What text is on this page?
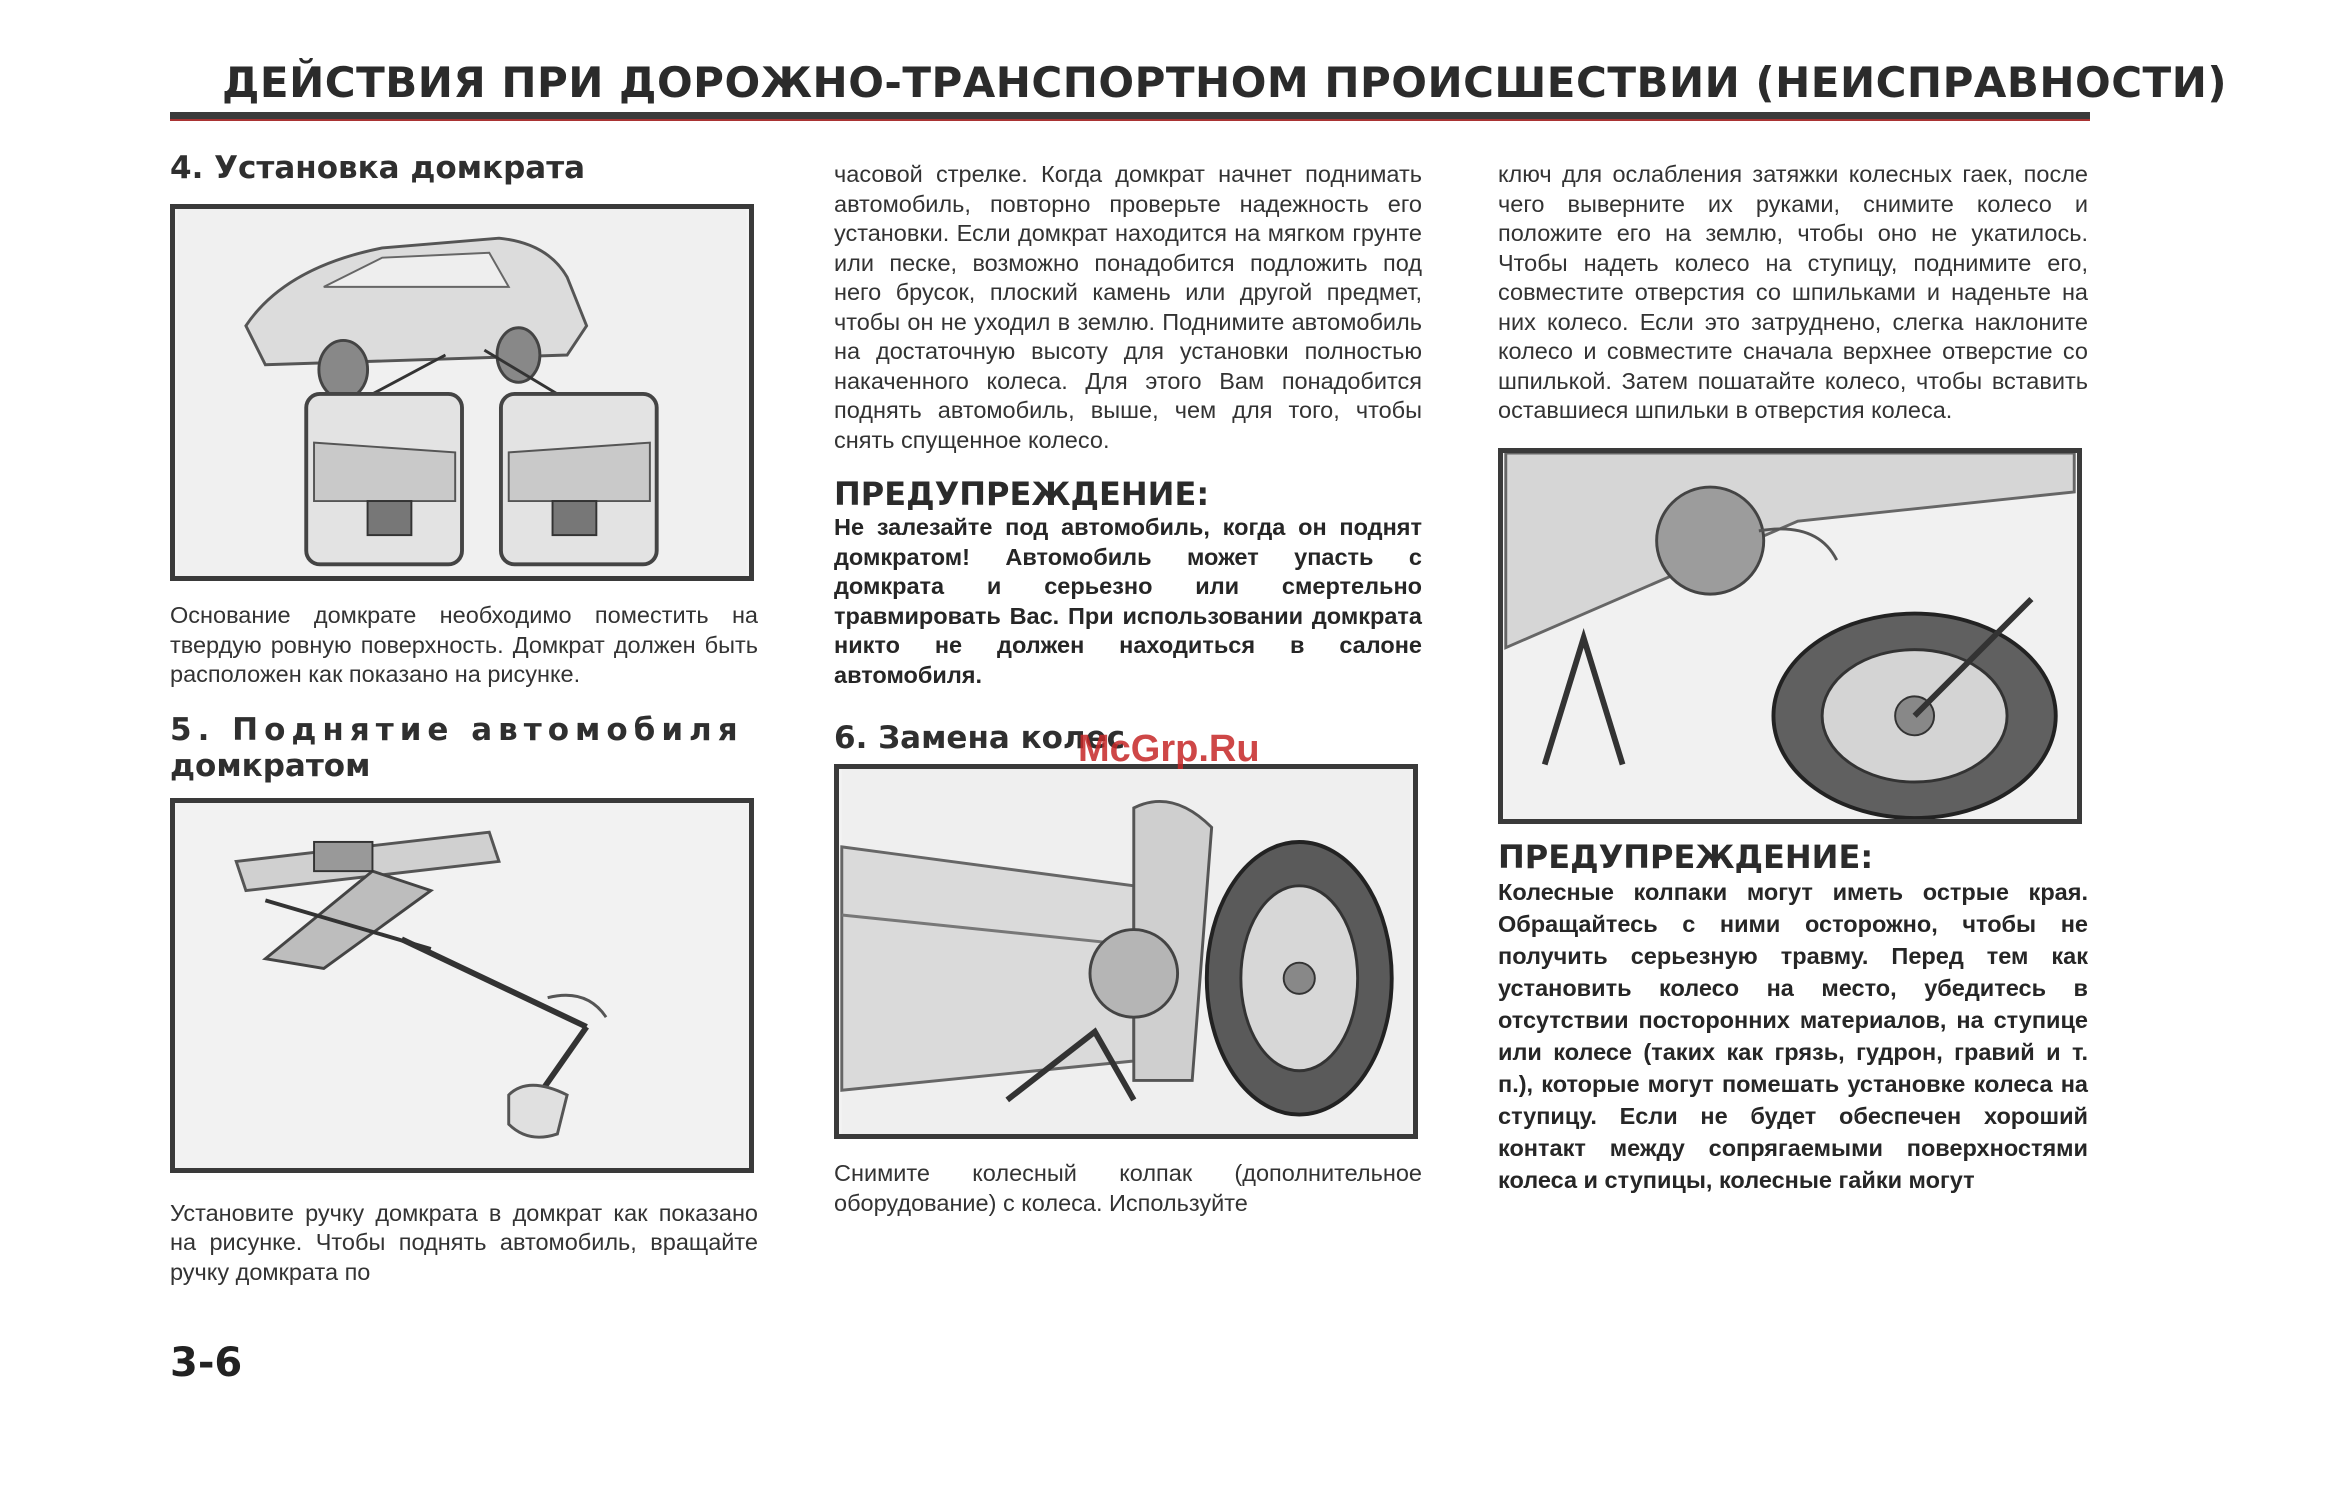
ДЕЙСТВИЯ ПРИ ДОРОЖНО-ТРАНСПОРТНОМ ПРОИСШЕСТВИИ (НЕИСПРАВНОСТИ)
4. Установка домкрата

Основание домкрате необходимо поместить на твердую ровную поверхность. Домкрат должен быть расположен как показано на рисунке.

5. Поднятие автомобиля
домкратом

Установите ручку домкрата в домкрат как показано на рисунке. Чтобы поднять автомобиль, вращайте ручку домкрата по

часовой стрелке. Когда домкрат начнет поднимать автомобиль, повторно проверьте надежность его установки. Если домкрат находится на мягком грунте или песке, возможно понадобится подложить под него брусок, плоский камень или другой предмет, чтобы он не уходил в землю. Поднимите автомобиль на достаточную высоту для установки полностью накаченного колеса. Для этого Вам понадобится поднять автомобиль, выше, чем для того, чтобы снять спущенное колесо.

ПРЕДУПРЕЖДЕНИЕ:

Не залезайте под автомобиль, когда он поднят домкратом! Автомобиль может упасть с домкрата и серьезно или смертельно травмировать Вас. При использовании домкрата никто не должен находиться в салоне автомобиля.

6. Замена колес

Снимите колесный колпак (дополнительное оборудование) с колеса. Используйте

ключ для ослабления затяжки колесных гаек, после чего выверните их руками, снимите колесо и положите его на землю, чтобы оно не укатилось. Чтобы надеть колесо на ступицу, поднимите его, совместите отверстия со шпильками и наденьте на них колесо. Если это затруднено, слегка наклоните колесо и совместите сначала верхнее отверстие со шпилькой. Затем пошатайте колесо, чтобы вставить оставшиеся шпильки в отверстия колеса.

ПРЕДУПРЕЖДЕНИЕ:

Колесные колпаки могут иметь острые края. Обращайтесь с ними осторожно, чтобы не получить серьезную травму. Перед тем как установить колесо на место, убедитесь в отсутствии посторонних материалов, на ступице или колесе (таких как грязь, гудрон, гравий и т. п.), которые могут помешать установке колеса на ступицу. Если не будет обеспечен хороший контакт между сопрягаемыми поверхностями колеса и ступицы, колесные гайки могут

McGrp.Ru
3-6
